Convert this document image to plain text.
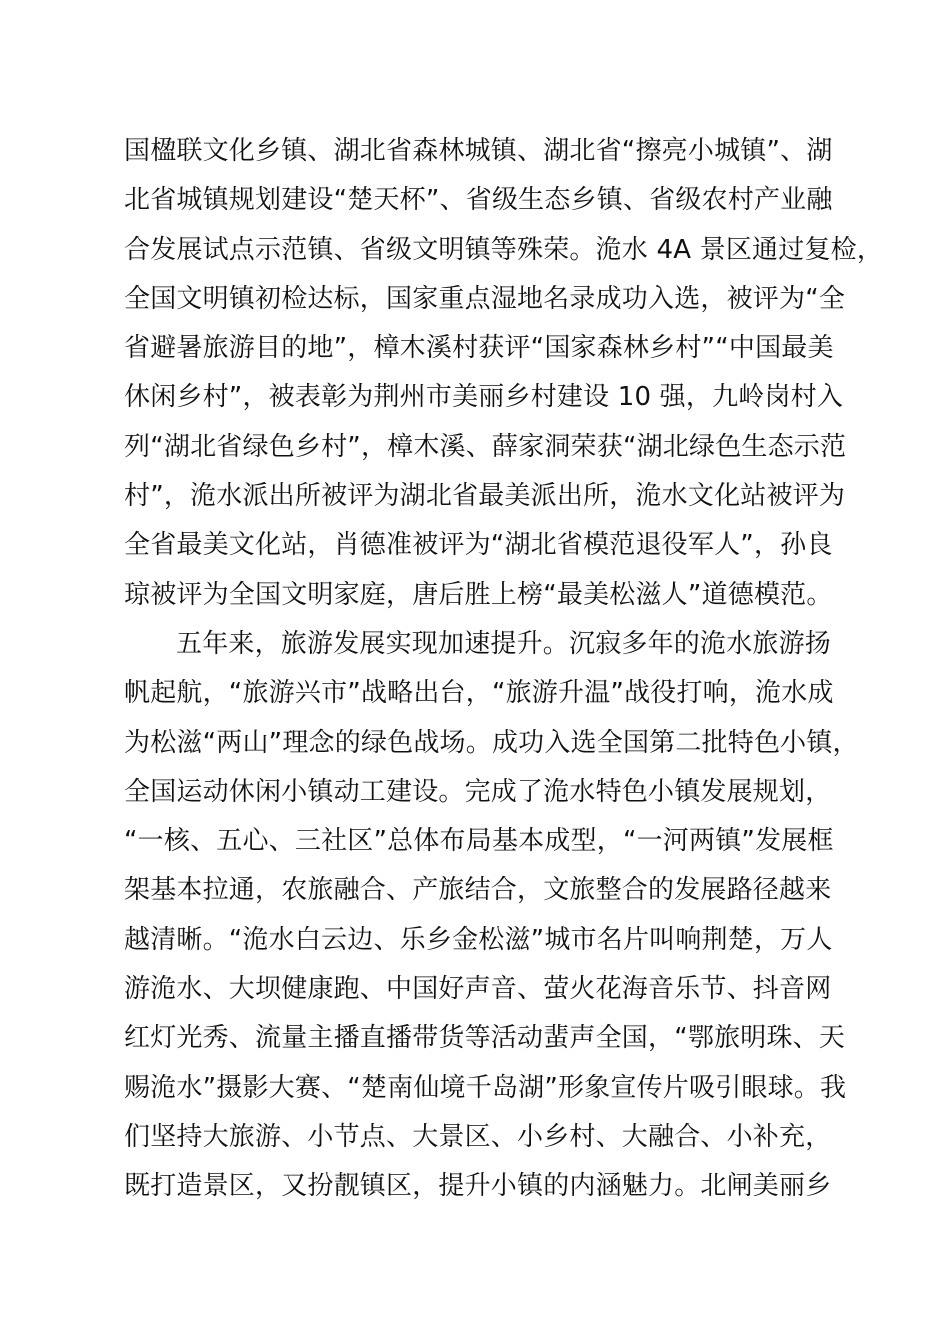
国楹联文化乡镇、湖北省森林城镇、湖北省“擦亮小城镇”、湖
北省城镇规划建设“楚天杯”、省级生态乡镇、省级农村产业融
合发展试点示范镇、省级文明镇等殊荣。洈水 4A 景区通过复检，
全国文明镇初检达标，国家重点湿地名录成功入选，被评为“全
省避暑旅游目的地”，樟木溪村获评“国家森林乡村”“中国最美
休闲乡村”，被表彰为荆州市美丽乡村建设 10 强，九岭岗村入
列“湖北省绿色乡村”，樟木溪、薛家洞荣获“湖北绿色生态示范
村”，洈水派出所被评为湖北省最美派出所，洈水文化站被评为
全省最美文化站，肖德准被评为“湖北省模范退役军人”，孙良
琼被评为全国文明家庭，唐后胜上榜“最美松滋人”道德模范。
五年来，旅游发展实现加速提升。沉寂多年的洈水旅游扬
帆起航，“旅游兴市”战略出台，“旅游升温”战役打响，洈水成
为松滋“两山”理念的绿色战场。成功入选全国第二批特色小镇，
全国运动休闲小镇动工建设。完成了洈水特色小镇发展规划，
“一核、五心、三社区”总体布局基本成型，“一河两镇”发展框
架基本拉通，农旅融合、产旅结合，文旅整合的发展路径越来
越清晰。“洈水白云边、乐乡金松滋”城市名片叫响荆楚，万人
游洈水、大坝健康跑、中国好声音、萤火花海音乐节、抖音网
红灯光秀、流量主播直播带货等活动蜚声全国，“鄂旅明珠、天
赐洈水”摄影大赛、“楚南仙境千岛湖”形象宣传片吸引眼球。我
们坚持大旅游、小节点、大景区、小乡村、大融合、小补充，
既打造景区，又扮靓镇区，提升小镇的内涵魅力。北闸美丽乡
